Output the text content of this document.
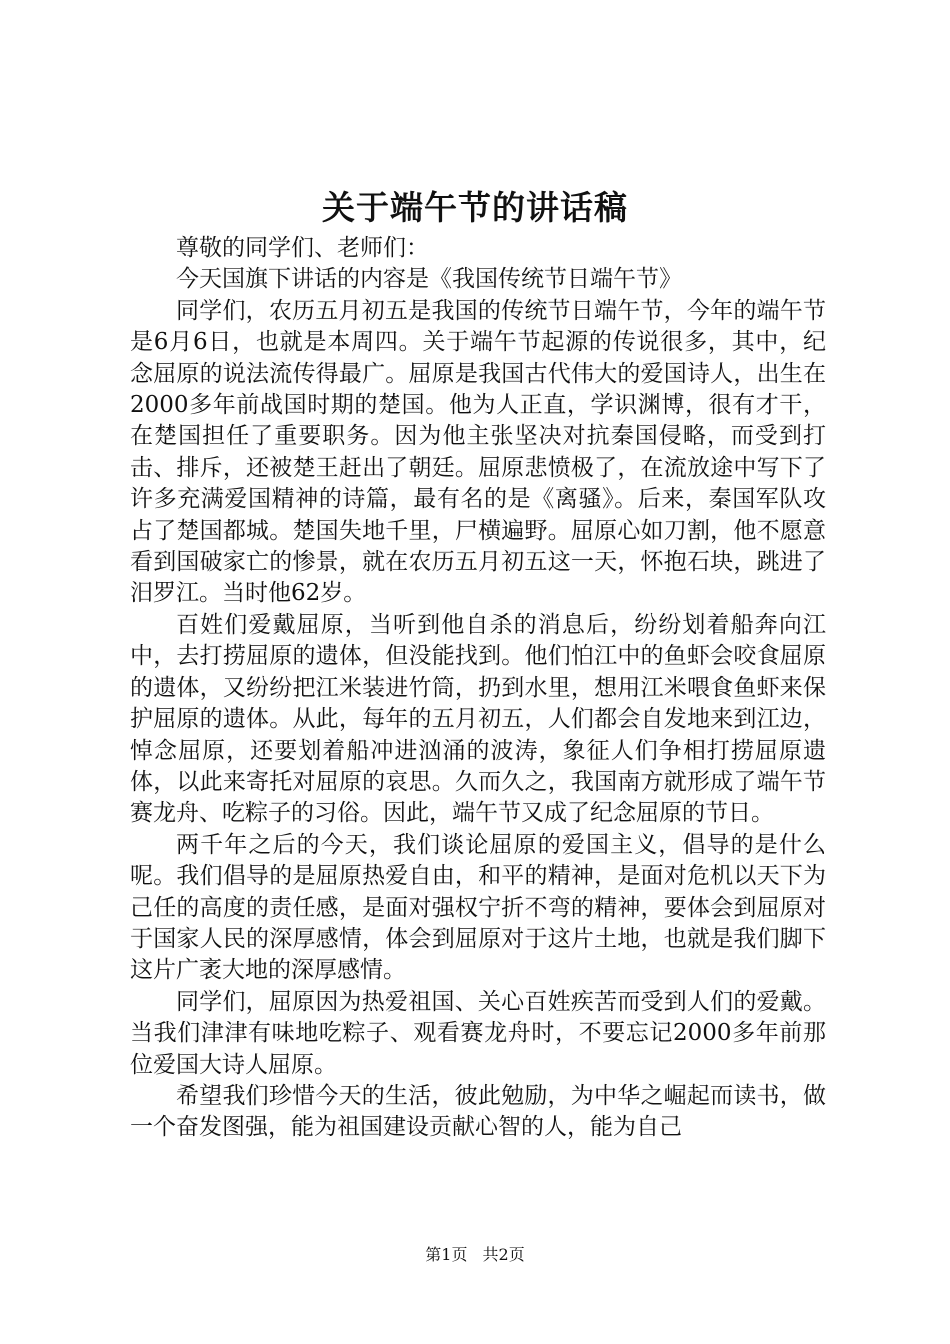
关于端午节的讲话稿

尊敬的同学们、老师们：

今天国旗下讲话的内容是《我国传统节日端午节》

同学们，农历五月初五是我国的传统节日端午节，今年的端午节是6月6日，也就是本周四。关于端午节起源的传说很多，其中，纪念屈原的说法流传得最广。屈原是我国古代伟大的爱国诗人，出生在2000多年前战国时期的楚国。他为人正直，学识渊博，很有才干，在楚国担任了重要职务。因为他主张坚决对抗秦国侵略，而受到打击、排斥，还被楚王赶出了朝廷。屈原悲愤极了，在流放途中写下了许多充满爱国精神的诗篇，最有名的是《离骚》。后来，秦国军队攻占了楚国都城。楚国失地千里，尸横遍野。屈原心如刀割，他不愿意看到国破家亡的惨景，就在农历五月初五这一天，怀抱石块，跳进了汨罗江。当时他62岁。

百姓们爱戴屈原，当听到他自杀的消息后，纷纷划着船奔向江中，去打捞屈原的遗体，但没能找到。他们怕江中的鱼虾会咬食屈原的遗体，又纷纷把江米装进竹筒，扔到水里，想用江米喂食鱼虾来保护屈原的遗体。从此，每年的五月初五，人们都会自发地来到江边，悼念屈原，还要划着船冲进汹涌的波涛，象征人们争相打捞屈原遗体，以此来寄托对屈原的哀思。久而久之，我国南方就形成了端午节赛龙舟、吃粽子的习俗。因此，端午节又成了纪念屈原的节日。

两千年之后的今天，我们谈论屈原的爱国主义，倡导的是什么呢。我们倡导的是屈原热爱自由，和平的精神，是面对危机以天下为己任的高度的责任感，是面对强权宁折不弯的精神，要体会到屈原对于国家人民的深厚感情，体会到屈原对于这片土地，也就是我们脚下这片广袤大地的深厚感情。

同学们，屈原因为热爱祖国、关心百姓疾苦而受到人们的爱戴。当我们津津有味地吃粽子、观看赛龙舟时，不要忘记2000多年前那位爱国大诗人屈原。

希望我们珍惜今天的生活，彼此勉励，为中华之崛起而读书，做一个奋发图强，能为祖国建设贡献心智的人，能为自己

第1页 共2页
